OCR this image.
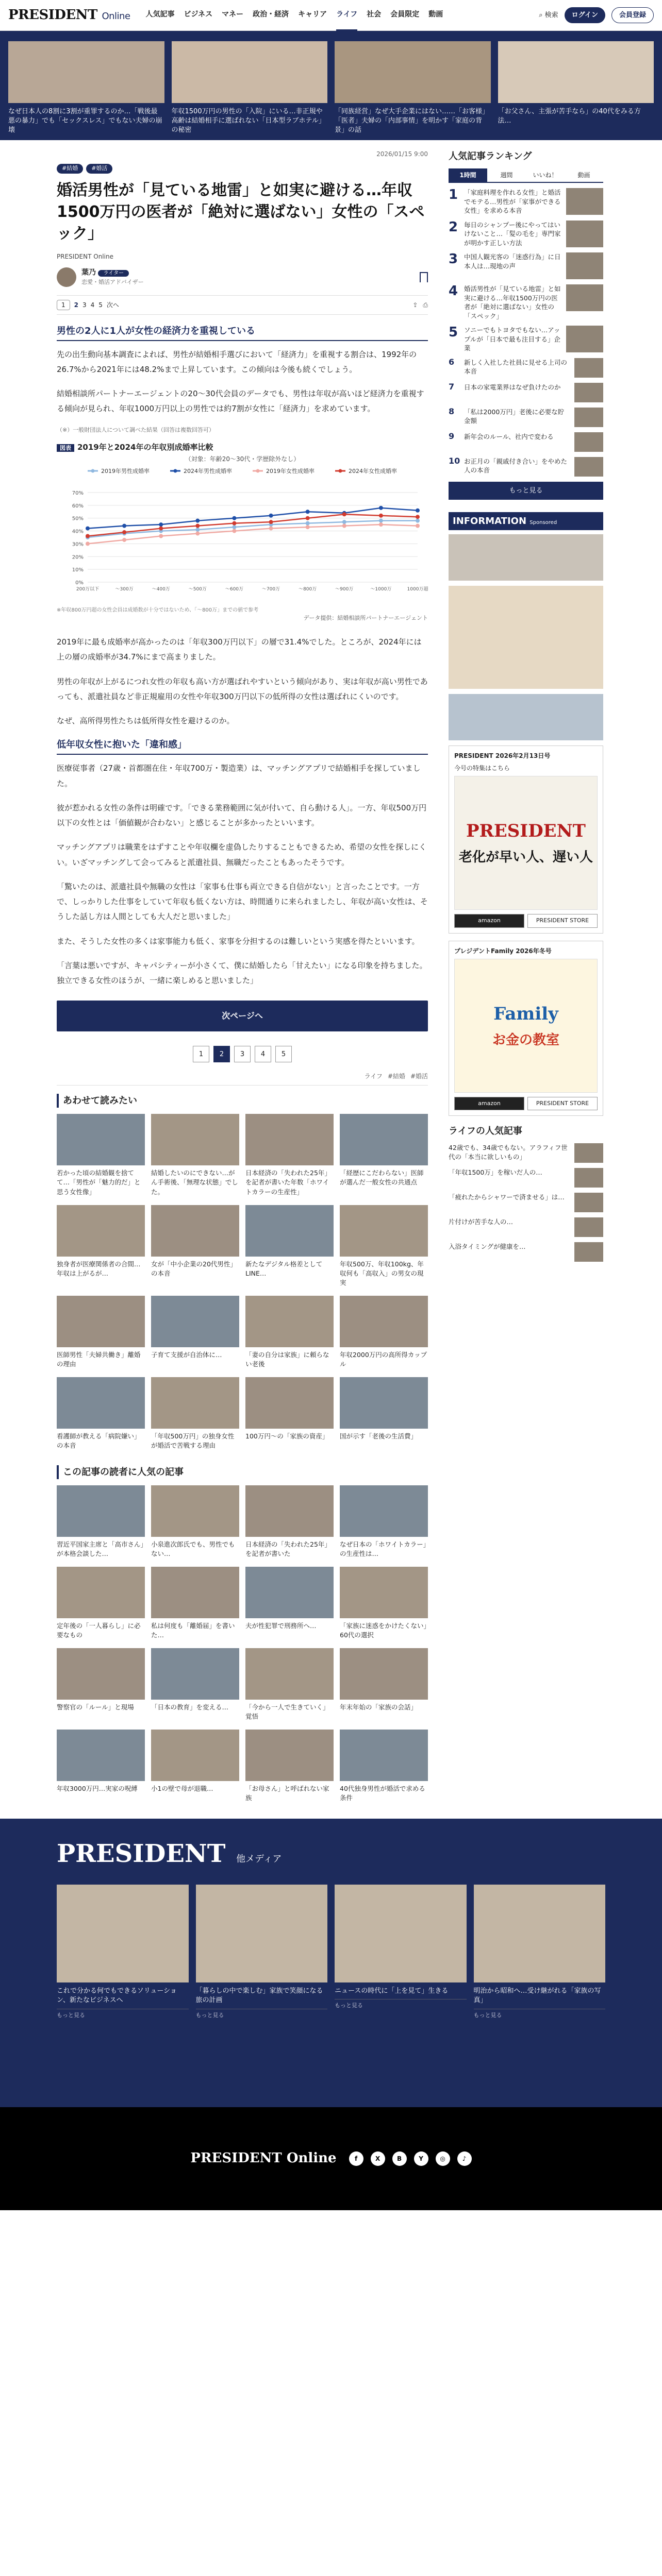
PRESIDENT Online 人気記事 ビジネス マネー 政治・経済 キャリア ライフ 社会 会員限定 動画	⌕ 検索	ログイン	会員登録
なぜ日本人の8割に3割が重罪するのか…「戦後最悪の暴力」でも「セックスレス」でもない夫婦の崩壊
年収1500万円の男性の「入院」にいる…非正規や高齢は結婚相手に選ばれない「日本型ラブホテル」の秘密
「同族経営」なぜ大手企業にはない……「お客様」「医者」夫婦の「内部事情」を明かす「家庭の背景」の話
「お父さん、主張が苦手なら」の40代をみる方法…
2026/01/15 9:00
#結婚	#婚活
婚活男性が「見ている地雷」と如実に避ける…年収1500万円の医者が「絶対に選ばない」女性の「スペック」
PRESIDENT Online
葉乃 ライター
恋愛・婚活アドバイザー
1	2 3 4 5 次へ	⇪ ⎙
男性の2人に1人が女性の経済力を重視している

先の出生動向基本調査によれば、男性が結婚相手選びにおいて「経済力」を重視する割合は、1992年の26.7%から2021年には48.2%まで上昇しています。この傾向は今後も続くでしょう。

結婚相談所パートナーエージェントの20〜30代会員のデータでも、男性は年収が高いほど経済力を重視する傾向が見られ、年収1000万円以上の男性では約7割が女性に「経済力」を求めています。

（※）一般財団法人について調べた結果（回答は複数回答可）
図表 2019年と2024年の年収別成婚率比較
（対象：年齢20〜30代・学歴除外なし）
2019年男性成婚率	2024年男性成婚率	2019年女性成婚率	2024年女性成婚率
0%
10%
20%
30%
40%
50%
60%
70%
200万以下	〜300万	〜400万	〜500万	〜600万	〜700万	〜800万	〜900万	〜1000万	1000万超
※年収800万円超の女性会員は成婚数が十分ではないため、「〜800万」までの値で参考
データ提供：結婚相談所パートナーエージェント

2019年に最も成婚率が高かったのは「年収300万円以下」の層で31.4%でした。ところが、2024年には上の層の成婚率が34.7%にまで高まりました。

男性の年収が上がるにつれ女性の年収も高い方が選ばれやすいという傾向があり、実は年収が高い男性であっても、派遣社員など非正規雇用の女性や年収300万円以下の低所得の女性は選ばれにくいのです。

なぜ、高所得男性たちは低所得女性を避けるのか。

低年収女性に抱いた「違和感」

医療従事者（27歳・首都圏在住・年収700万・製造業）は、マッチングアプリで結婚相手を探していました。

彼が惹かれる女性の条件は明確です。「できる業務範囲に気が付いて、自ら動ける人」。一方、年収500万円以下の女性とは「価値観が合わない」と感じることが多かったといいます。

マッチングアプリは職業をはずすことや年収欄を虚偽したりすることもできるため、希望の女性を探しにくい。いざマッチングして会ってみると派遣社員、無職だったこともあったそうです。

「驚いたのは、派遣社員や無職の女性は「家事も仕事も両立できる自信がない」と言ったことです。一方で、しっかりした仕事をしていて年収も低くない方は、時間通りに来られましたし、年収が高い女性は、そうした話し方は人間としても大人だと思いました」

また、そうした女性の多くは家事能力も低く、家事を分担するのは難しいという実感を得たといいます。

「言葉は悪いですが、キャパシティーが小さくて、僕に結婚したら「甘えたい」になる印象を持ちました。独立できる女性のほうが、一緒に楽しめると思いました」

次ページへ
1	2	3	4	5
ライフ #結婚 #婚活
あわせて読みたい
若かった頃の結婚観を捨てて…「男性が「魅力的だ」と思う女性像」
結婚したいのにできない…がん手術後、「無理な状態」でした。
日本経済の「失われた25年」を記者が書いた年数「ホワイトカラーの生産性」
「経歴にこだわらない」医師が選んだ一般女性の共通点
独身者が医療関係者の合間…年収は上がるが…
女が「中小企業の20代男性」の本音
新たなデジタル格差としてLINE…
年収500万、年収100kg、年収何も「高収入」の男女の現実
医師男性「夫婦共働き」離婚の理由
子育て支援が自治体に…	「妻の自分は家族」に頼らない老後
年収2000万円の高所得カップル
看護師が教える「病院嫌い」の本音
「年収500万円」の独身女性が婚活で苦戦する理由
100万円〜の「家族の資産」	国が示す「老後の生活費」
この記事の読者に人気の記事
習近平国家主席と「高市さん」が本格会談した…
小泉進次郎氏でも、男性でもない…
日本経済の「失われた25年」を記者が書いた
なぜ日本の「ホワイトカラー」の生産性は…
定年後の「一人暮らし」に必要なもの
私は何度も「離婚届」を書いた…
夫が性犯罪で刑務所へ…	「家族に迷惑をかけたくない」60代の選択
警察官の「ルール」と現場	「日本の教育」を変える…	「今から一人で生きていく」覚悟
年末年始の「家族の会話」
年収3000万円…実家の呪縛	小1の壁で母が退職…	「お母さん」と呼ばれない家族
40代独身男性が婚活で求める条件
人気記事ランキング
1時間	週間	いいね！	動画
1 「家庭料理を作れる女性」と婚活でモテる…男性が「家事ができる女性」を求める本音
2 毎日のシャンプー後にやってはいけないこと…「髪の毛を」専門家が明かす正しい方法
3 中国人観光客の「迷惑行為」に日本人は…現地の声
4 婚活男性が「見ている地雷」と如実に避ける…年収1500万円の医者が「絶対に選ばない」女性の「スペック」
5 ソニーでもトヨタでもない…アップルが「日本で最も注目する」企業
6	新しく入社した社員に見せる上司の本音
7	日本の家電業界はなぜ負けたのか
8	「私は2000万円」老後に必要な貯金額
9	新年会のルール、社内で変わる
10 お正月の「親戚付き合い」をやめた人の本音
もっと見る
INFORMATION Sponsored
PRESIDENT 2026年2月13日号
今号の特集はこちら
PRESIDENT
老化が早い人、遅い人
amazon	PRESIDENT STORE
プレジデントFamily 2026年冬号
Family
お金の教室
amazon	PRESIDENT STORE
ライフの人気記事
42歳でも、34歳でもない。アラフィフ世代の「本当に欲しいもの」
「年収1500万」を稼いだ人の…
「疲れたからシャワーで済ませる」は…
片付けが苦手な人の…
入浴タイミングが健康を…
PRESIDENT 他メディア
これで分かる何でもできるソリューション、新たなビジネスへ
もっと見る
「暮らしの中で楽しむ」家族で笑顔になる旅の計画
もっと見る
ニュースの時代に「上を見て」生きる
もっと見る
明治から昭和へ…受け継がれる「家族の写真」
もっと見る
PRESIDENT Online	f	X	B	Y	◎	♪
